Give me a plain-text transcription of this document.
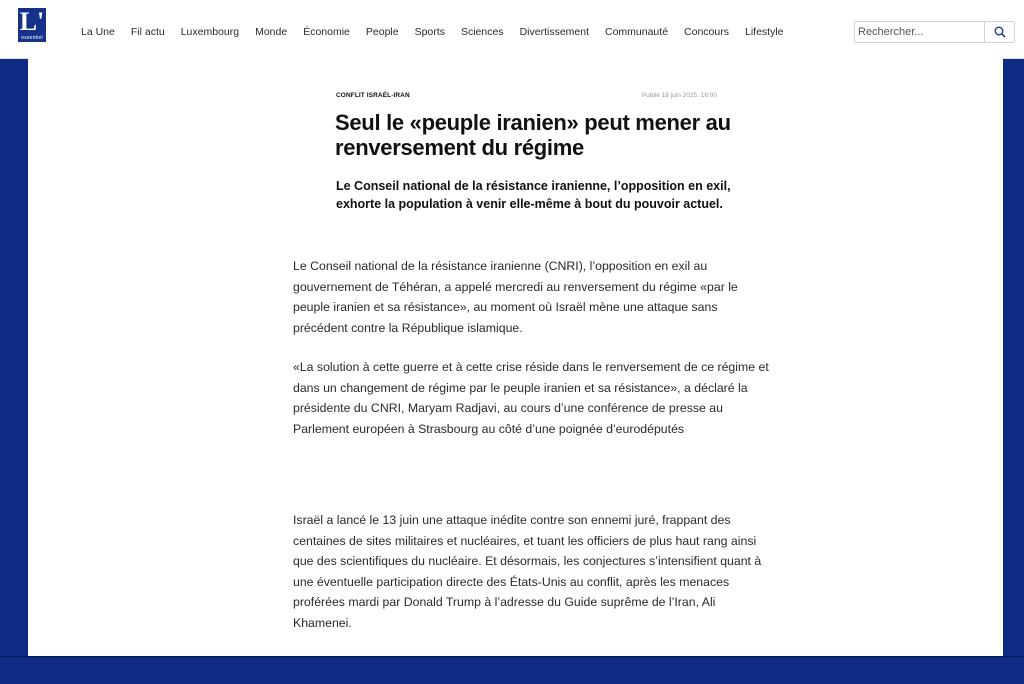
L'
essentiel	La Une Fil actu Luxembourg Monde Économie People Sports Sciences Divertissement Communauté Concours Lifestyle
Rechercher...
CONFLIT ISRAËL-IRAN	Publié 18 juin 2025, 16:00
Seul le «peuple iranien» peut mener au renversement du régime

Le Conseil national de la résistance iranienne, l’opposition en exil, exhorte la population à venir elle-même à bout du pouvoir actuel.

Le Conseil national de la résistance iranienne (CNRI), l’opposition en exil au gouvernement de Téhéran, a appelé mercredi au renversement du régime «par le peuple iranien et sa résistance», au moment où Israël mène une attaque sans précédent contre la République islamique.

«La solution à cette guerre et à cette crise réside dans le renversement de ce régime et dans un changement de régime par le peuple iranien et sa résistance», a déclaré la présidente du CNRI, Maryam Radjavi, au cours d’une conférence de presse au Parlement européen à Strasbourg au côté d’une poignée d’eurodéputés

Israël a lancé le 13 juin une attaque inédite contre son ennemi juré, frappant des centaines de sites militaires et nucléaires, et tuant les officiers de plus haut rang ainsi que des scientifiques du nucléaire. Et désormais, les conjectures s’intensifient quant à une éventuelle participation directe des États-Unis au conflit, après les menaces proférées mardi par Donald Trump à l’adresse du Guide suprême de l’Iran, Ali Khamenei.
